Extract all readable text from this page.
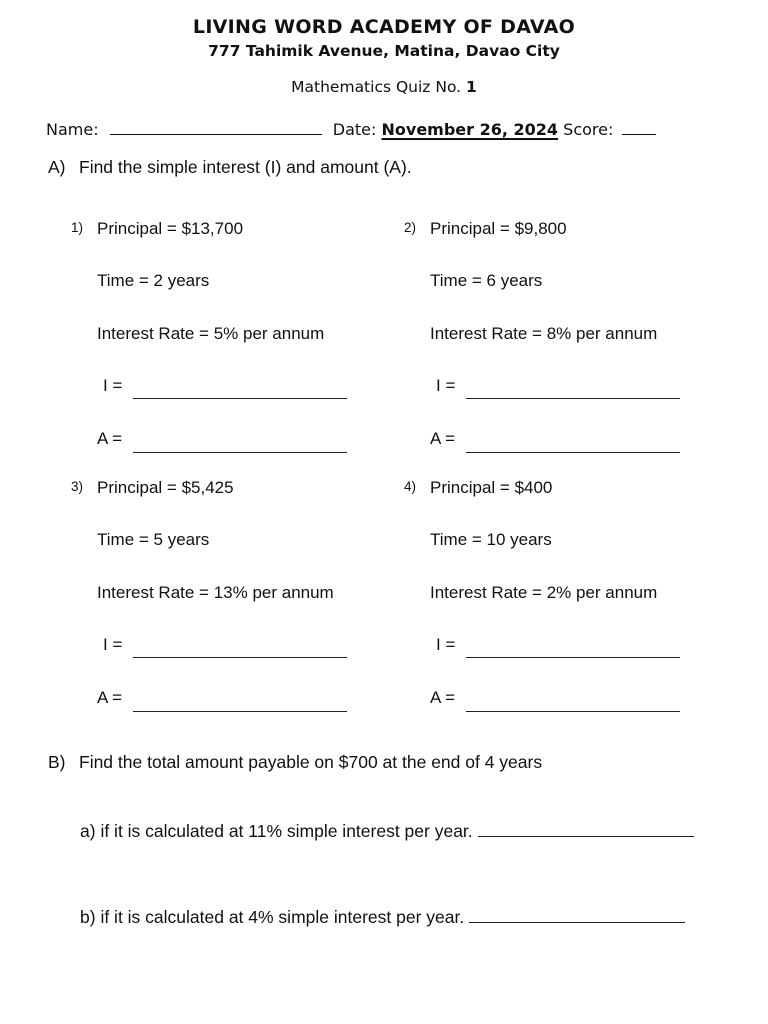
LIVING WORD ACADEMY OF DAVAO
777 Tahimik Avenue, Matina, Davao City
Mathematics Quiz No. 1
Name:	Date: November 26, 2024 Score:
A) Find the simple interest (I) and amount (A).
1) Principal = $13,700
Time = 2 years
Interest Rate = 5% per annum
I =
A =
2) Principal = $9,800
Time = 6 years
Interest Rate = 8% per annum
I =
A =
3) Principal = $5,425
Time = 5 years
Interest Rate = 13% per annum
I =
A =
4) Principal = $400
Time = 10 years
Interest Rate = 2% per annum
I =
A =
B) Find the total amount payable on $700 at the end of 4 years
a) if it is calculated at 11% simple interest per year.
b) if it is calculated at 4% simple interest per year.
